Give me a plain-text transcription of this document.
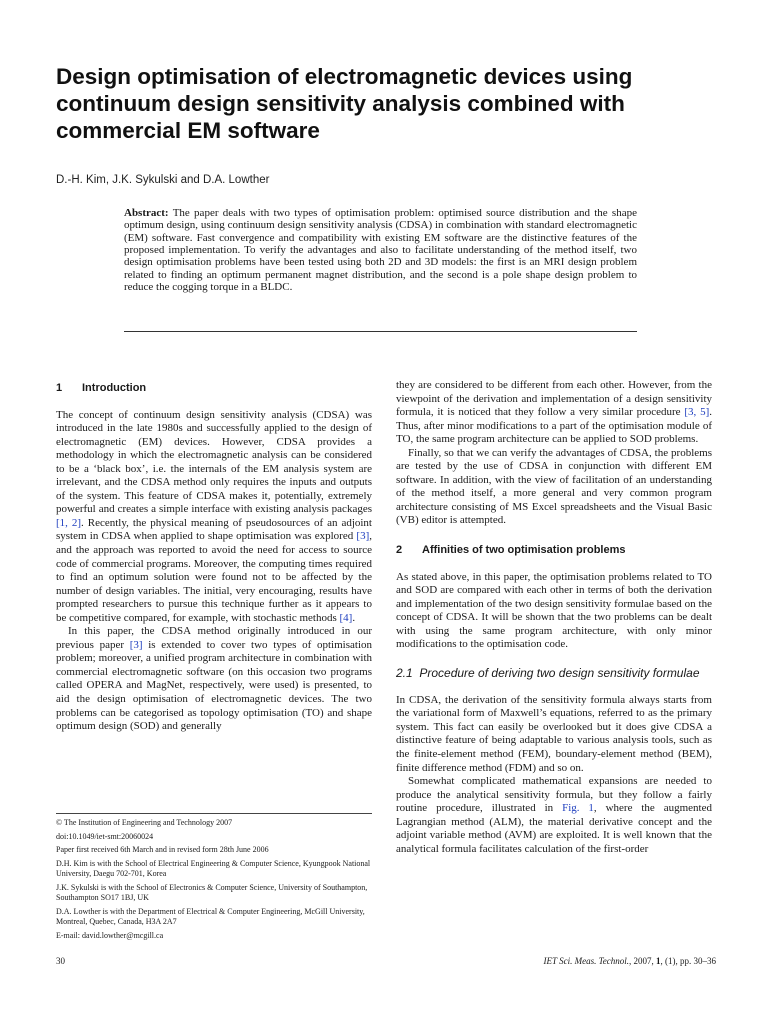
Design optimisation of electromagnetic devices using continuum design sensitivity analysis combined with commercial EM software
D.-H. Kim, J.K. Sykulski and D.A. Lowther
Abstract: The paper deals with two types of optimisation problem: optimised source distribution and the shape optimum design, using continuum design sensitivity analysis (CDSA) in combination with standard electromagnetic (EM) software. Fast convergence and compatibility with existing EM software are the distinctive features of the proposed implementation. To verify the advantages and also to facilitate understanding of the method itself, two design optimisation problems have been tested using both 2D and 3D models: the first is an MRI design problem related to finding an optimum permanent magnet distribution, and the second is a pole shape design problem to reduce the cogging torque in a BLDC.
1	Introduction

The concept of continuum design sensitivity analysis (CDSA) was introduced in the late 1980s and successfully applied to the design of electromagnetic (EM) devices. However, CDSA provides a methodology in which the electromagnetic analysis can be considered to be a ‘black box’, i.e. the internals of the EM analysis system are irrelevant, and the CDSA method only requires the inputs and outputs of the system. This feature of CDSA makes it, potentially, extremely powerful and creates a simple interface with existing analysis packages [1, 2]. Recently, the physical meaning of pseudosources of an adjoint system in CDSA when applied to shape optimisation was explored [3], and the approach was reported to avoid the need for access to source code of commercial programs. Moreover, the computing times required to find an optimum solution were found not to be affected by the number of design variables. The initial, very encouraging, results have prompted researchers to pursue this technique further as it appears to be competitive compared, for example, with stochastic methods [4].

In this paper, the CDSA method originally introduced in our previous paper [3] is extended to cover two types of optimisation problem; moreover, a unified program architecture in combination with commercial electromagnetic software (on this occasion two programs called OPERA and MagNet, respectively, were used) is presented, to aid the design optimisation of electromagnetic devices. The two problems can be categorised as topology optimisation (TO) and shape optimum design (SOD) and generally

they are considered to be different from each other. However, from the viewpoint of the derivation and implementation of a design sensitivity formula, it is noticed that they follow a very similar procedure [3, 5]. Thus, after minor modifications to a part of the optimisation module of TO, the same program architecture can be applied to SOD problems.

Finally, so that we can verify the advantages of CDSA, the problems are tested by the use of CDSA in conjunction with different EM software. In addition, with the view of facilitation of an understanding of the method itself, a more general and very common program architecture consisting of MS Excel spreadsheets and the Visual Basic (VB) editor is attempted.

2	Affinities of two optimisation problems

As stated above, in this paper, the optimisation problems related to TO and SOD are compared with each other in terms of both the derivation and implementation of the two design sensitivity formulae based on the concept of CDSA. It will be shown that the two problems can be dealt with using the same program architecture, with only minor modifications to the optimisation code.

2.1 Procedure of deriving two design sensitivity formulae

In CDSA, the derivation of the sensitivity formula always starts from the variational form of Maxwell’s equations, referred to as the primary system. This fact can easily be overlooked but it does give CDSA a distinctive feature of being adaptable to various analysis tools, such as the finite-element method (FEM), boundary-element method (BEM), finite difference method (FDM) and so on.

Somewhat complicated mathematical expansions are needed to produce the analytical sensitivity formula, but they follow a fairly routine procedure, illustrated in Fig. 1, where the augmented Lagrangian method (ALM), the material derivative concept and the adjoint variable method (AVM) are exploited. It is well known that the analytical formula facilitates calculation of the first-order

© The Institution of Engineering and Technology 2007
doi:10.1049/iet-smt:20060024
Paper first received 6th March and in revised form 28th June 2006
D.H. Kim is with the School of Electrical Engineering & Computer Science, Kyungpook National University, Daegu 702-701, Korea
J.K. Sykulski is with the School of Electronics & Computer Science, University of Southampton, Southampton SO17 1BJ, UK
D.A. Lowther is with the Department of Electrical & Computer Engineering, McGill University, Montreal, Quebec, Canada, H3A 2A7
E-mail: david.lowther@mcgill.ca
30	IET Sci. Meas. Technol., 2007, 1, (1), pp. 30–36
